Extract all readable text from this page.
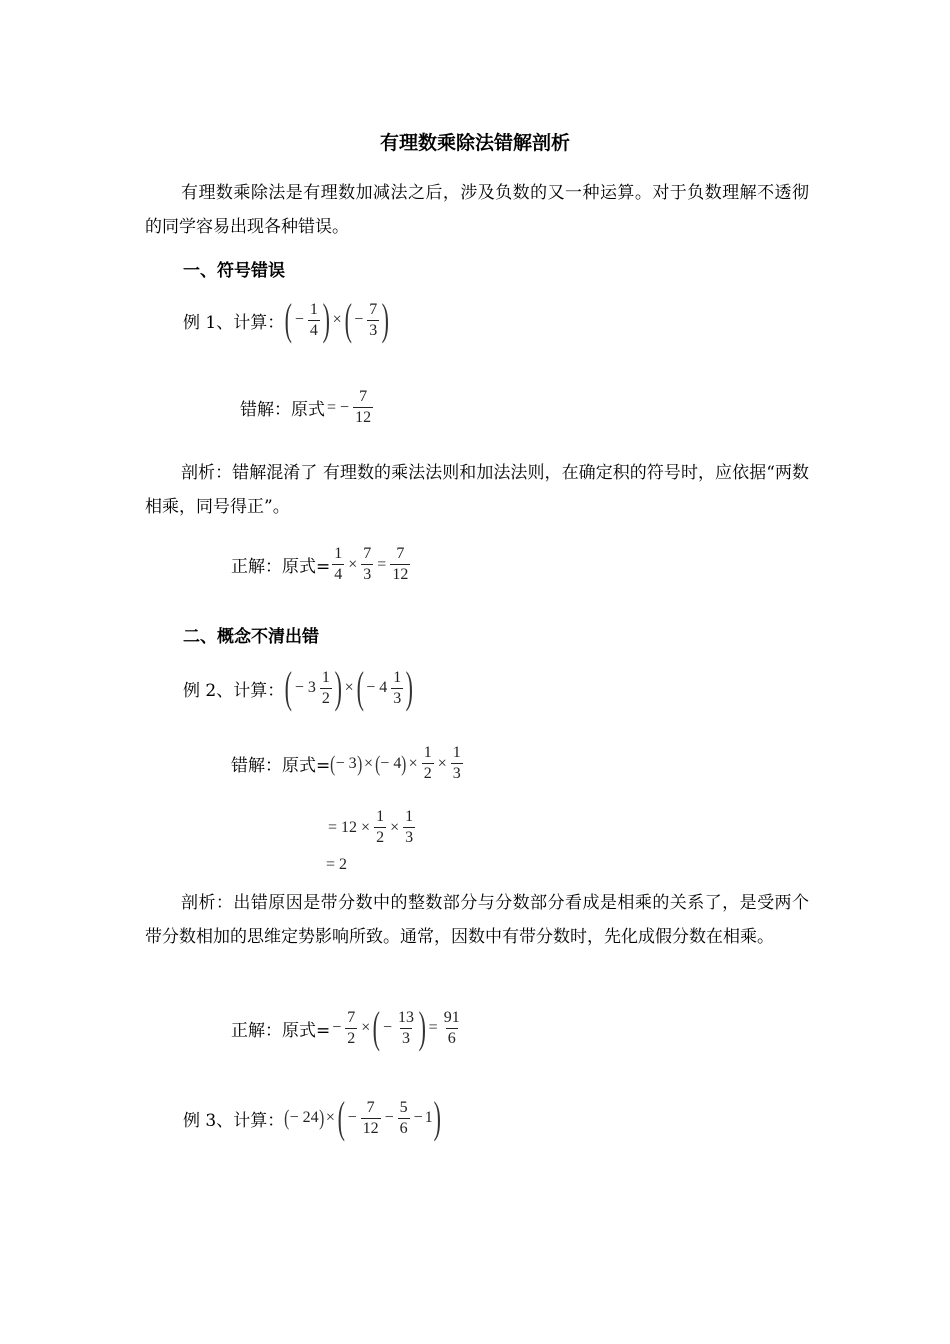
有理数乘除法错解剖析
有理数乘除法是有理数加减法之后，涉及负数的又一种运算。对于负数理解不透彻的同学容易出现各种错误。
一、符号错误
例 1、计算： ( − $\frac{1}{4}$ ) × ( − $\frac{7}{3}$ )
错解：原式 = − $\frac{7}{12}$
剖析：错解混淆了 有理数的乘法法则和加法法则，在确定积的符号时，应依据“两数相乘，同号得正”。
正解：原式= $\frac{1}{4} \times \frac{7}{3} = \frac{7}{12}$
二、概念不清出错
例 2、计算： ( − 3
1
2 ) × ( − 4
1
3 )
错解：原式= ( − 3 ) × ( − 4 ) × $\frac{1}{2} \times \frac{1}{3}$
= $12 \times \frac{1}{2} \times \frac{1}{3}$
= 2
剖析：出错原因是带分数中的整数部分与分数部分看成是相乘的关系了，是受两个带分数相加的思维定势影响所致。通常，因数中有带分数时，先化成假分数在相乘。
正解：原式= − $\frac{7}{2}$ × ( − $\frac{13}{3}$ ) = $\frac{91}{6}$
例 3、计算： ( − 24 ) × ( − $\frac{7}{12} - \frac{5}{6} - 1$ )
